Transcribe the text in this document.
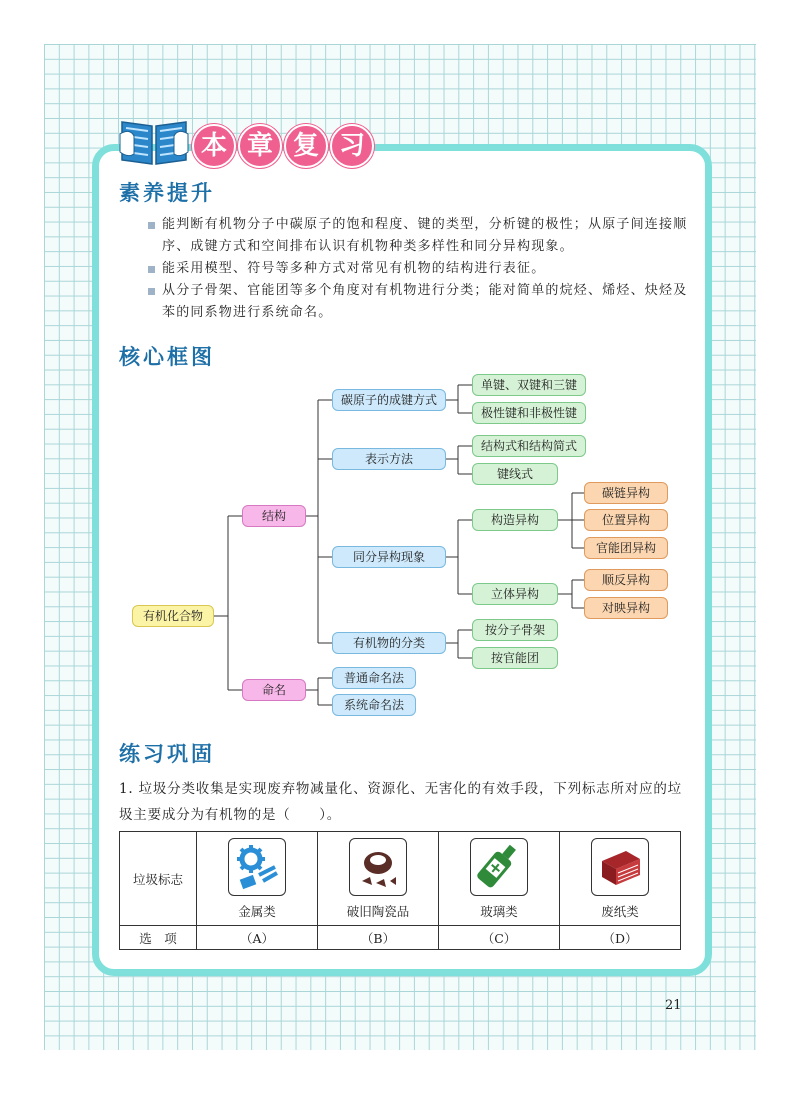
本 章 复 习
素养提升
能判断有机物分子中碳原子的饱和程度、键的类型，分析键的极性；从原子间连接顺序、成键方式和空间排布认识有机物种类多样性和同分异构现象。
能采用模型、符号等多种方式对常见有机物的结构进行表征。
从分子骨架、官能团等多个角度对有机物进行分类；能对简单的烷烃、烯烃、炔烃及苯的同系物进行系统命名。
核心框图
有机化合物
结构
命名
碳原子的成键方式
表示方法
同分异构现象
有机物的分类
普通命名法
系统命名法
单键、双键和三键
极性键和非极性键
结构式和结构简式
键线式
构造异构
立体异构
按分子骨架
按官能团
碳链异构
位置异构
官能团异构
顺反异构
对映异构
练习巩固
1. 垃圾分类收集是实现废弃物减量化、资源化、无害化的有效手段，下列标志所对应的垃圾主要成分为有机物的是（　　）。
垃圾标志	金属类	破旧陶瓷品	玻璃类	废纸类

选　项	（A）	（B）	（C）	（D）
21
